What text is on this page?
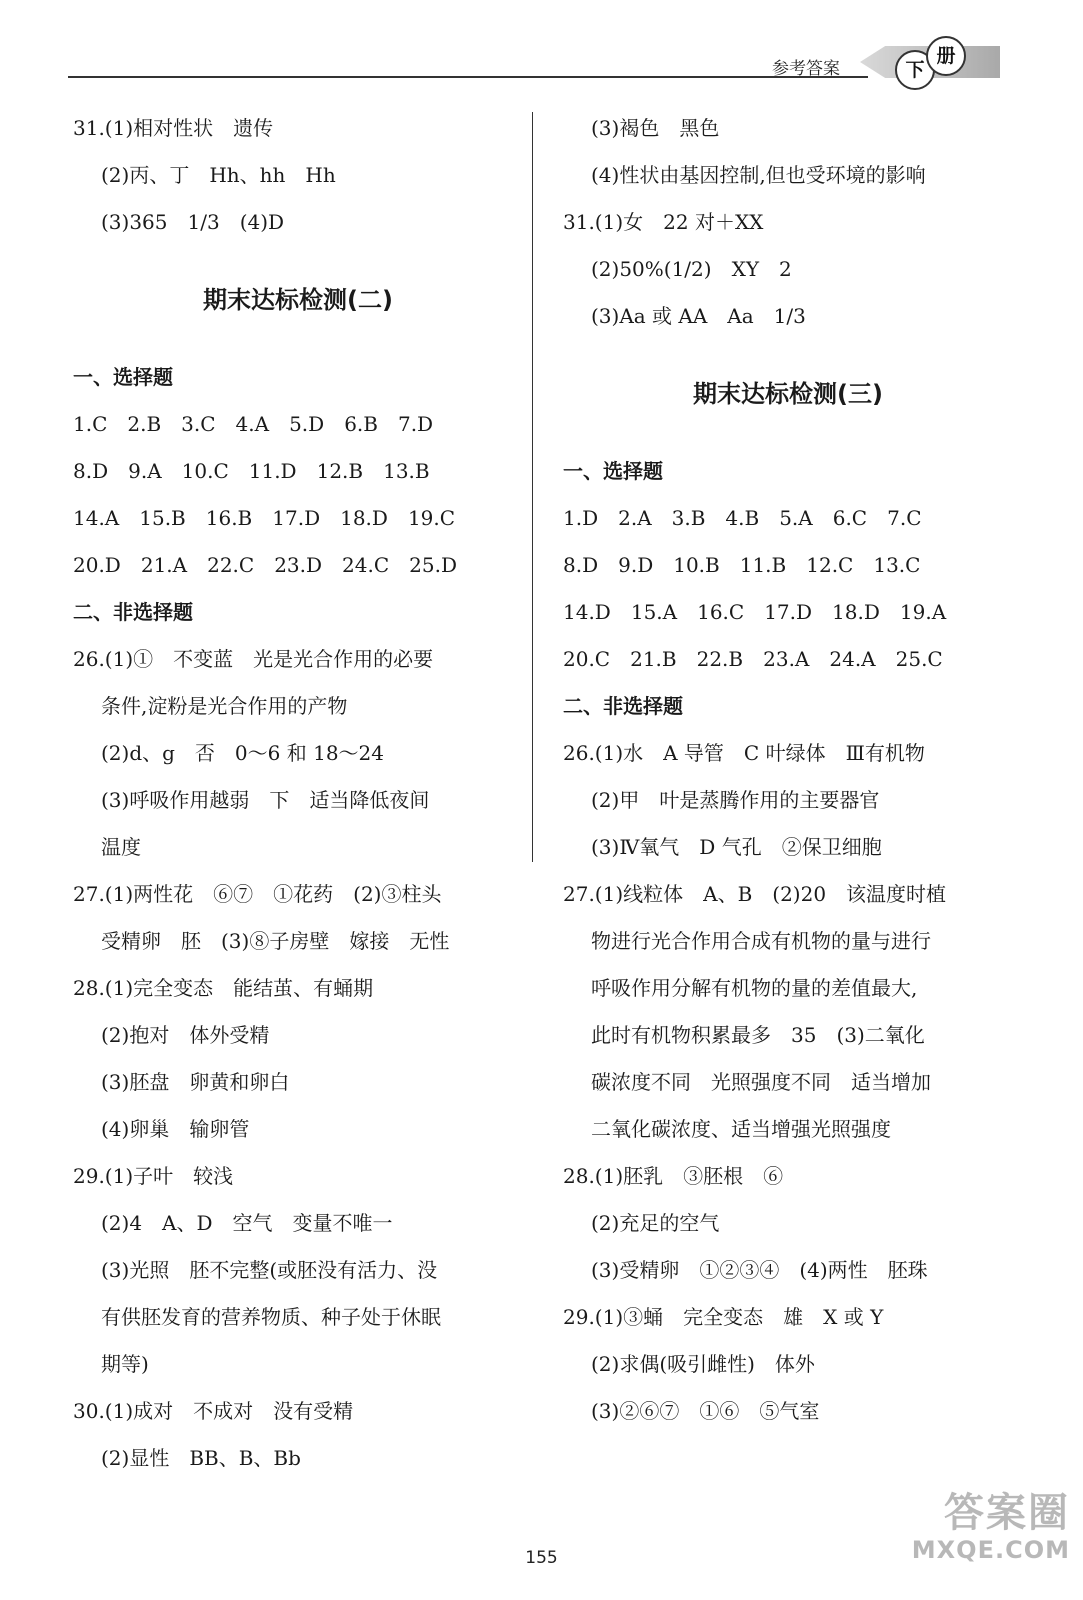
参考答案	下
册
31.(1)相对性状　遗传
(2)丙、丁　Hh、hh　Hh
(3)365　1/3　(4)D
期末达标检测(二)
一、选择题
1.C　2.B　3.C　4.A　5.D　6.B　7.D
8.D　9.A　10.C　11.D　12.B　13.B
14.A　15.B　16.B　17.D　18.D　19.C
20.D　21.A　22.C　23.D　24.C　25.D
二、非选择题
26.(1)①　不变蓝　光是光合作用的必要
条件,淀粉是光合作用的产物
(2)d、g　否　0～6 和 18～24
(3)呼吸作用越弱　下　适当降低夜间
温度
27.(1)两性花　⑥⑦　①花药　(2)③柱头
受精卵　胚　(3)⑧子房壁　嫁接　无性
28.(1)完全变态　能结茧、有蛹期
(2)抱对　体外受精
(3)胚盘　卵黄和卵白
(4)卵巢　输卵管
29.(1)子叶　较浅
(2)4　A、D　空气　变量不唯一
(3)光照　胚不完整(或胚没有活力、没
有供胚发育的营养物质、种子处于休眠
期等)
30.(1)成对　不成对　没有受精
(2)显性　BB、B、Bb
(3)褐色　黑色
(4)性状由基因控制,但也受环境的影响
31.(1)女　22 对＋XX
(2)50%(1/2)　XY　2
(3)Aa 或 AA　Aa　1/3
期末达标检测(三)
一、选择题
1.D　2.A　3.B　4.B　5.A　6.C　7.C
8.D　9.D　10.B　11.B　12.C　13.C
14.D　15.A　16.C　17.D　18.D　19.A
20.C　21.B　22.B　23.A　24.A　25.C
二、非选择题
26.(1)水　A 导管　C 叶绿体　Ⅲ有机物
(2)甲　叶是蒸腾作用的主要器官
(3)Ⅳ氧气　D 气孔　②保卫细胞
27.(1)线粒体　A、B　(2)20　该温度时植
物进行光合作用合成有机物的量与进行
呼吸作用分解有机物的量的差值最大,
此时有机物积累最多　35　(3)二氧化
碳浓度不同　光照强度不同　适当增加
二氧化碳浓度、适当增强光照强度
28.(1)胚乳　③胚根　⑥
(2)充足的空气
(3)受精卵　①②③④　(4)两性　胚珠
29.(1)③蛹　完全变态　雄　X 或 Y
(2)求偶(吸引雌性)　体外
(3)②⑥⑦　①⑥　⑤气室
155
答案圈
MXQE.COM
